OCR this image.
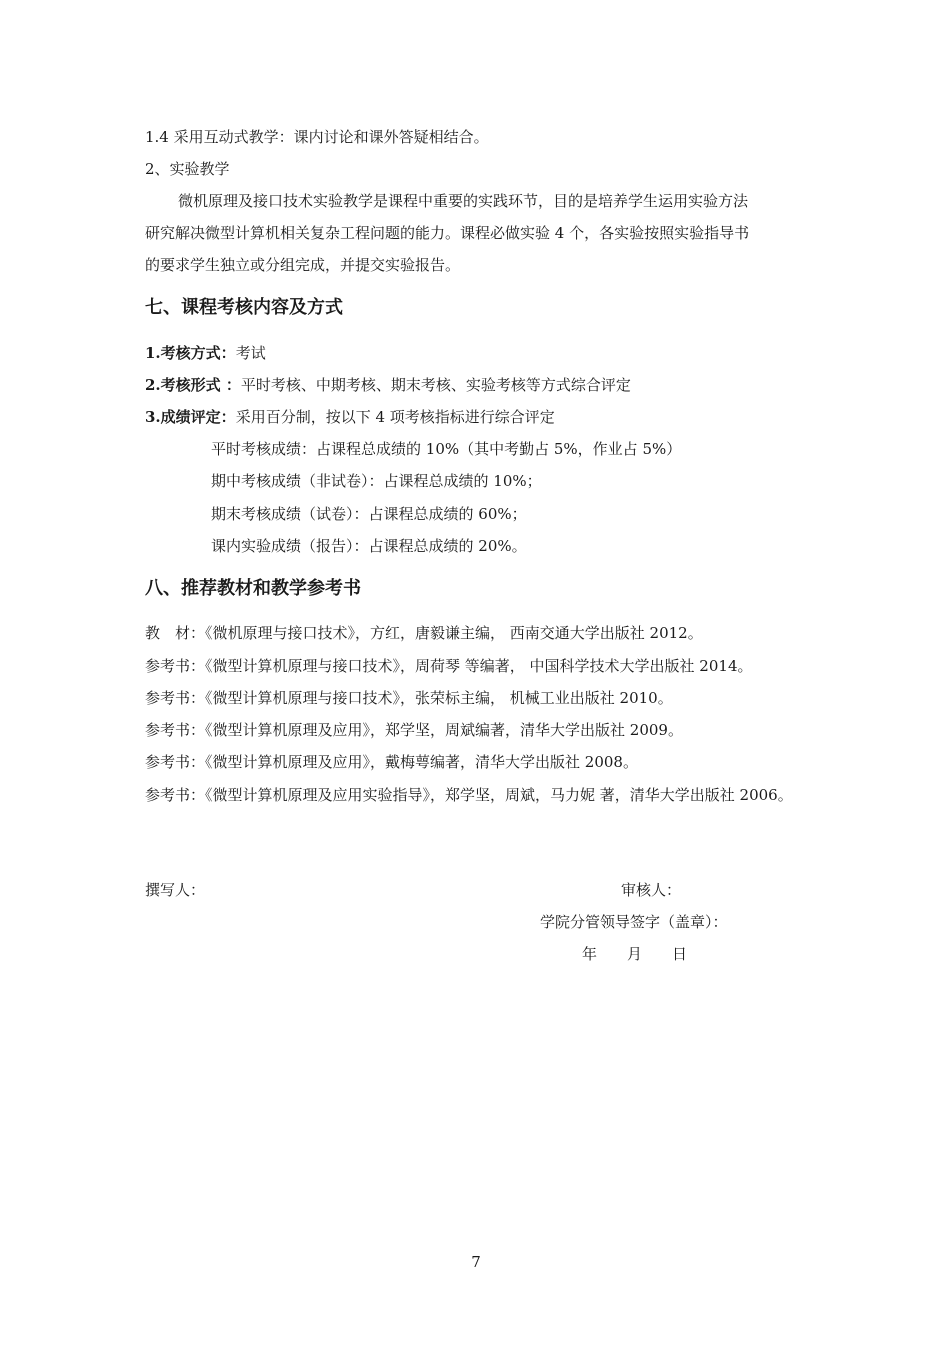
1.4 采用互动式教学：课内讨论和课外答疑相结合。
2、实验教学
微机原理及接口技术实验教学是课程中重要的实践环节，目的是培养学生运用实验方法
研究解决微型计算机相关复杂工程问题的能力。课程必做实验 4 个，各实验按照实验指导书
的要求学生独立或分组完成，并提交实验报告。
七、课程考核内容及方式
1.考核方式：考试
2.考核形式 ：平时考核、中期考核、期末考核、实验考核等方式综合评定
3.成绩评定：采用百分制，按以下 4 项考核指标进行综合评定
平时考核成绩：占课程总成绩的 10%（其中考勤占 5%，作业占 5%）
期中考核成绩（非试卷）：占课程总成绩的 10%；
期末考核成绩（试卷）：占课程总成绩的 60%；
课内实验成绩（报告）：占课程总成绩的 20%。
八、推荐教材和教学参考书
教　材：《微机原理与接口技术》，方红，唐毅谦主编， 西南交通大学出版社 2012。
参考书：《微型计算机原理与接口技术》，周荷琴 等编著， 中国科学技术大学出版社 2014。
参考书：《微型计算机原理与接口技术》，张荣标主编， 机械工业出版社 2010。
参考书：《微型计算机原理及应用》，郑学坚，周斌编著，清华大学出版社 2009。
参考书：《微型计算机原理及应用》，戴梅萼编著，清华大学出版社 2008。
参考书：《微型计算机原理及应用实验指导》，郑学坚，周斌，马力妮 著，清华大学出版社 2006。
撰写人：	审核人：
学院分管领导签字（盖章）：
年　　月　　日
7
